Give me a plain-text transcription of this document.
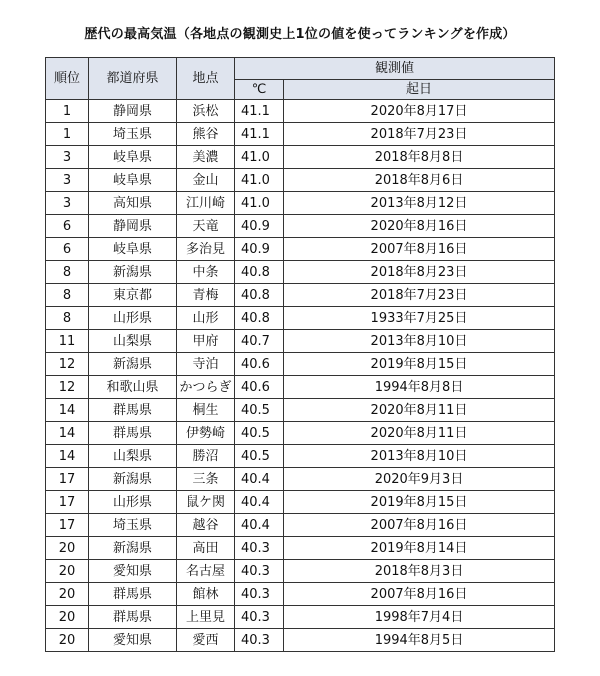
歴代の最高気温（各地点の観測史上1位の値を使ってランキングを作成）
順位	都道府県	地点	観測値	
			℃	起日
1	静岡県	浜松	41.1	2020年8月17日
1	埼玉県	熊谷	41.1	2018年7月23日
3	岐阜県	美濃	41.0	2018年8月8日
3	岐阜県	金山	41.0	2018年8月6日
3	高知県	江川崎	41.0	2013年8月12日
6	静岡県	天竜	40.9	2020年8月16日
6	岐阜県	多治見	40.9	2007年8月16日
8	新潟県	中条	40.8	2018年8月23日
8	東京都	青梅	40.8	2018年7月23日
8	山形県	山形	40.8	1933年7月25日
11	山梨県	甲府	40.7	2013年8月10日
12	新潟県	寺泊	40.6	2019年8月15日
12	和歌山県	かつらぎ	40.6	1994年8月8日
14	群馬県	桐生	40.5	2020年8月11日
14	群馬県	伊勢崎	40.5	2020年8月11日
14	山梨県	勝沼	40.5	2013年8月10日
17	新潟県	三条	40.4	2020年9月3日
17	山形県	鼠ケ関	40.4	2019年8月15日
17	埼玉県	越谷	40.4	2007年8月16日
20	新潟県	高田	40.3	2019年8月14日
20	愛知県	名古屋	40.3	2018年8月3日
20	群馬県	館林	40.3	2007年8月16日
20	群馬県	上里見	40.3	1998年7月4日
20	愛知県	愛西	40.3	1994年8月5日
